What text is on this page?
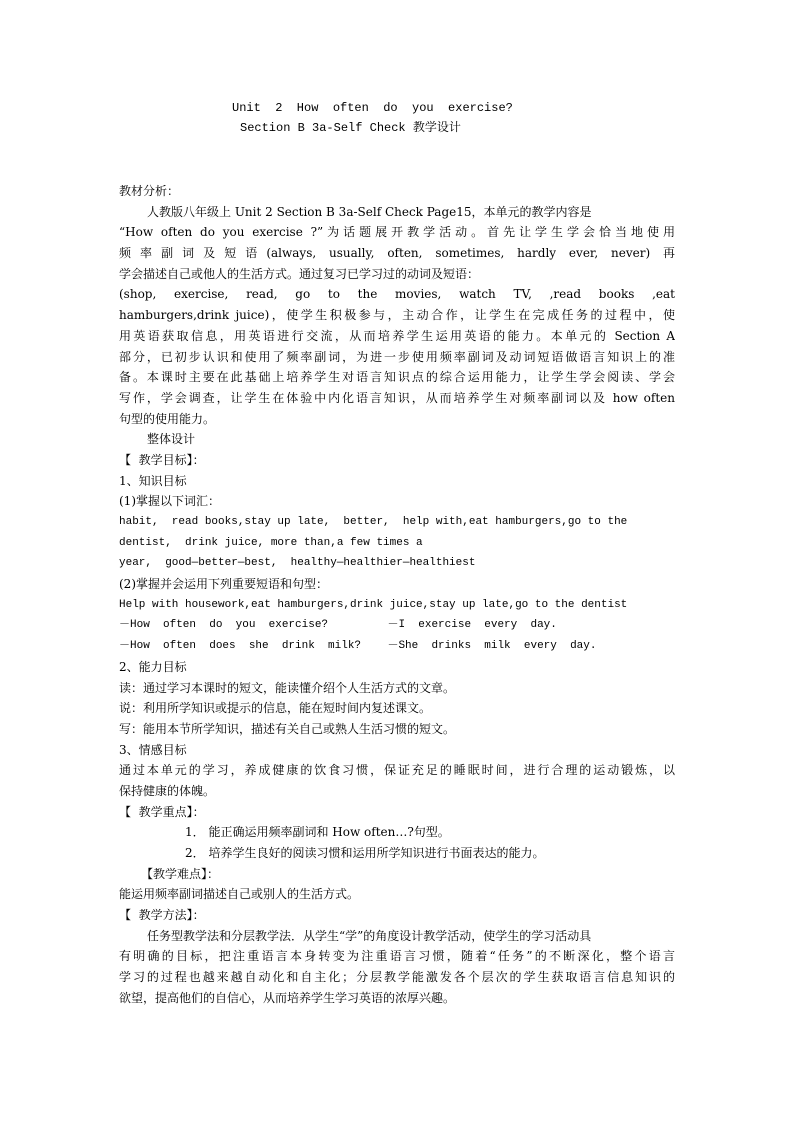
Unit  2  How  often  do  you  exercise?
Section B 3a-Self Check 教学设计
教材分析：
人教版八年级上 Unit 2 Section B 3a-Self Check Page15，本单元的教学内容是
“How often do you exercise ?”为话题展开教学活动。首先让学生学会恰当地使用
频率副词及短语(always, usually, often, sometimes, hardly ever, never) 再
学会描述自己或他人的生活方式。通过复习已学习过的动词及短语：
(shop, exercise, read, go to the movies, watch TV, ,read books ,eat
hamburgers,drink juice)，使学生积极参与，主动合作，让学生在完成任务的过程中，使
用英语获取信息，用英语进行交流，从而培养学生运用英语的能力。本单元的 Section A
部分，已初步认识和使用了频率副词，为进一步使用频率副词及动词短语做语言知识上的准
备。本课时主要在此基础上培养学生对语言知识点的综合运用能力，让学生学会阅读、学会
写作，学会调查，让学生在体验中内化语言知识，从而培养学生对频率副词以及 how often
句型的使用能力。
整体设计
【  教学目标】：
1、知识目标
(1)掌握以下词汇：
habit,  read books,stay up late,  better,  help with,eat hamburgers,go to the
dentist,  drink juice, more than,a few times a
year,  good—better—best,  healthy—healthier—healthiest
(2)掌握并会运用下列重要短语和句型：
Help with housework,eat hamburgers,drink juice,stay up late,go to the dentist
－How  often  do  you  exercise?         －I  exercise  every  day.
－How  often  does  she  drink  milk?    －She  drinks  milk  every  day.
2、能力目标
读：通过学习本课时的短文，能读懂介绍个人生活方式的文章。
说：利用所学知识或提示的信息，能在短时间内复述课文。
写：能用本节所学知识，描述有关自己或熟人生活习惯的短文。
3、情感目标
通过本单元的学习，养成健康的饮食习惯，保证充足的睡眠时间，进行合理的运动锻炼，以
保持健康的体魄。
【  教学重点】：
1． 能正确运用频率副词和 How often…?句型。
2． 培养学生良好的阅读习惯和运用所学知识进行书面表达的能力。
【教学难点】：
能运用频率副词描述自己或别人的生活方式。
【  教学方法】：
任务型教学法和分层教学法．从学生“学”的角度设计教学活动，使学生的学习活动具
有明确的目标，把注重语言本身转变为注重语言习惯，随着“任务”的不断深化，整个语言
学习的过程也越来越自动化和自主化；分层教学能激发各个层次的学生获取语言信息知识的
欲望，提高他们的自信心，从而培养学生学习英语的浓厚兴趣。
